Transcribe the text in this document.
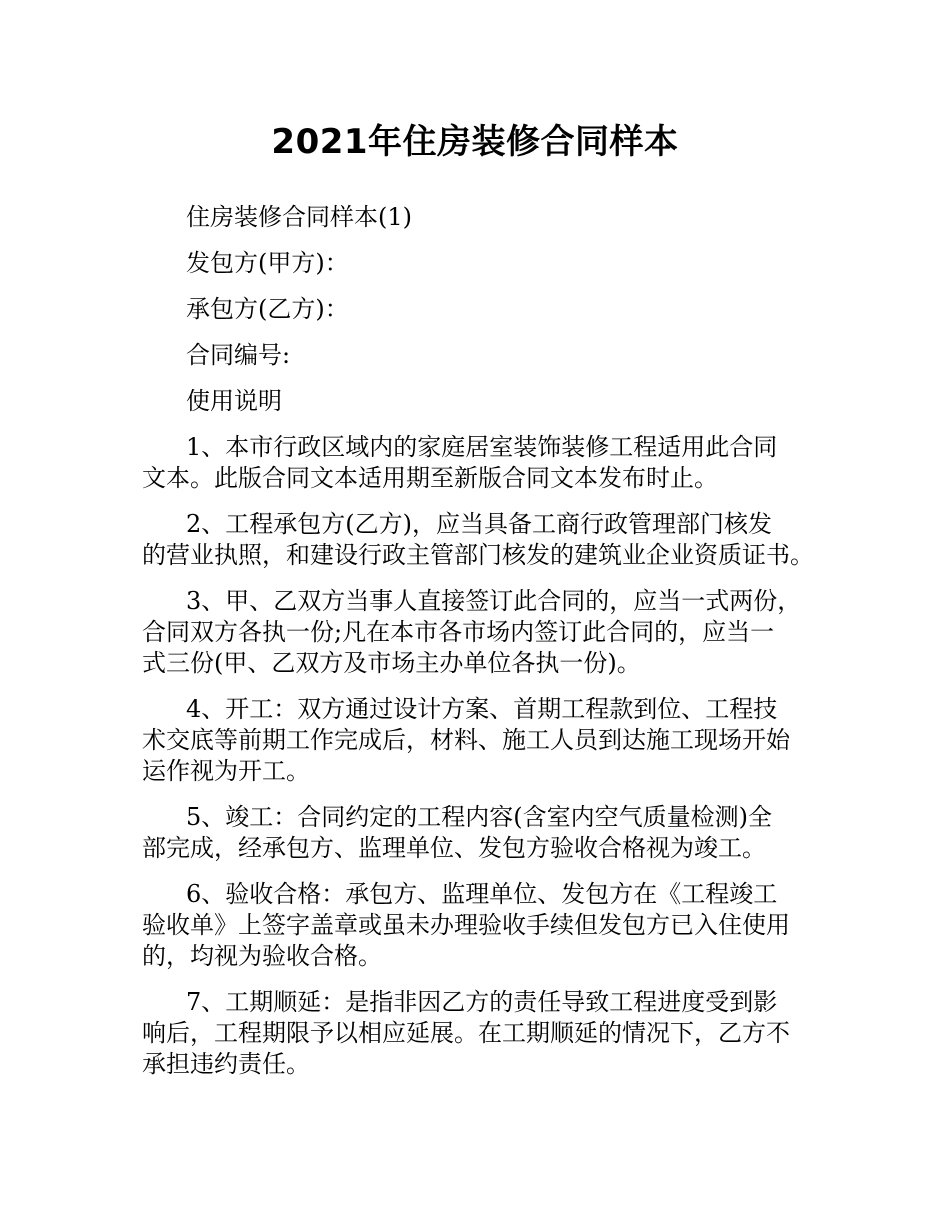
2021年住房装修合同样本

住房装修合同样本(1)

发包方(甲方)：

承包方(乙方)：

合同编号:

使用说明

1、本市行政区域内的家庭居室装饰装修工程适用此合同
文本。此版合同文本适用期至新版合同文本发布时止。

2、工程承包方(乙方)，应当具备工商行政管理部门核发
的营业执照，和建设行政主管部门核发的建筑业企业资质证书。

3、甲、乙双方当事人直接签订此合同的，应当一式两份，
合同双方各执一份;凡在本市各市场内签订此合同的，应当一
式三份(甲、乙双方及市场主办单位各执一份)。

4、开工：双方通过设计方案、首期工程款到位、工程技
术交底等前期工作完成后，材料、施工人员到达施工现场开始
运作视为开工。

5、竣工：合同约定的工程内容(含室内空气质量检测)全
部完成，经承包方、监理单位、发包方验收合格视为竣工。

6、验收合格：承包方、监理单位、发包方在《工程竣工
验收单》上签字盖章或虽未办理验收手续但发包方已入住使用
的，均视为验收合格。

7、工期顺延：是指非因乙方的责任导致工程进度受到影
响后，工程期限予以相应延展。在工期顺延的情况下，乙方不
承担违约责任。
